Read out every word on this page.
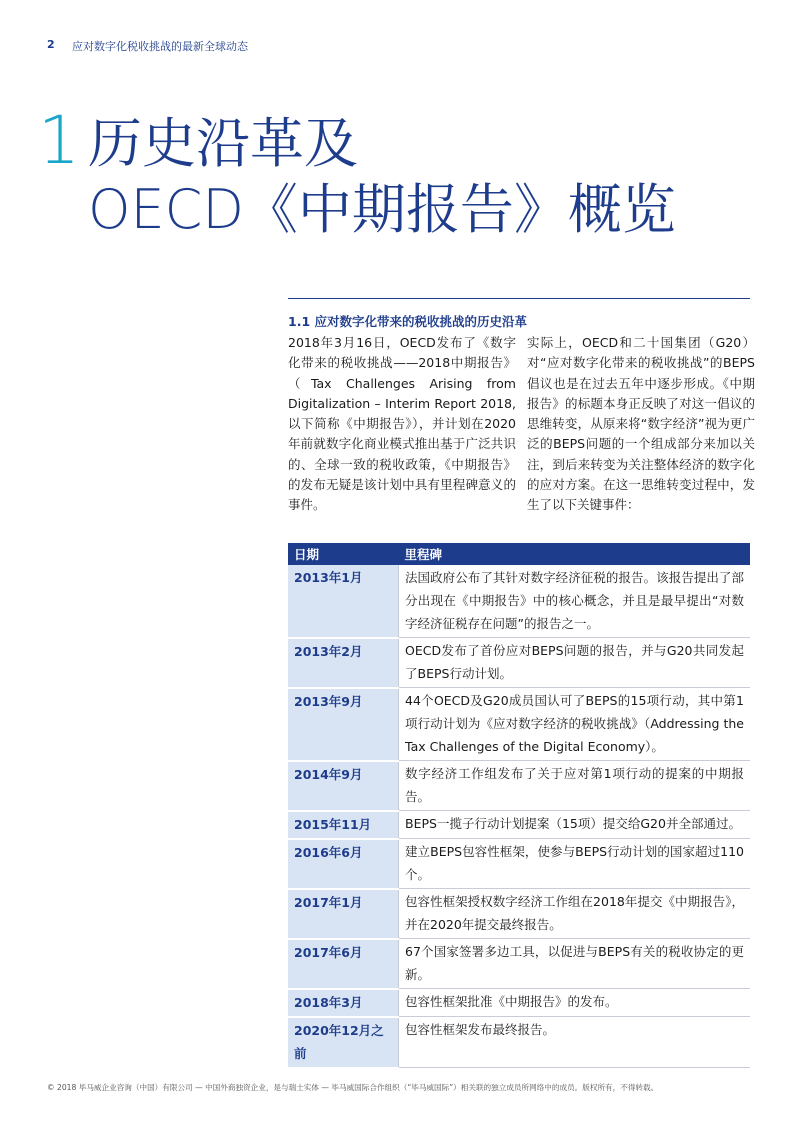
2 应对数字化税收挑战的最新全球动态
1 历史沿革及
OECD《中期报告》概览
1.1 应对数字化带来的税收挑战的历史沿革
2018年3月16日，OECD发布了《数字化带来的税收挑战——2018中期报告》（Tax Challenges Arising from Digitalization – Interim Report 2018, 以下简称《中期报告》），并计划在2020年前就数字化商业模式推出基于广泛共识的、全球一致的税收政策，《中期报告》的发布无疑是该计划中具有里程碑意义的事件。
实际上，OECD和二十国集团（G20）对“应对数字化带来的税收挑战”的BEPS倡议也是在过去五年中逐步形成。《中期报告》的标题本身正反映了对这一倡议的思维转变，从原来将“数字经济”视为更广泛的BEPS问题的一个组成部分来加以关注，到后来转变为关注整体经济的数字化的应对方案。在这一思维转变过程中，发生了以下关键事件：
日期	里程碑
2013年1月	法国政府公布了其针对数字经济征税的报告。该报告提出了部分出现在《中期报告》中的核心概念，并且是最早提出“对数字经济征税存在问题”的报告之一。
2013年2月	OECD发布了首份应对BEPS问题的报告，并与G20共同发起了BEPS行动计划。
2013年9月	44个OECD及G20成员国认可了BEPS的15项行动，其中第1项行动计划为《应对数字经济的税收挑战》（Addressing the Tax Challenges of the Digital Economy）。
2014年9月	数字经济工作组发布了关于应对第1项行动的提案的中期报告。
2015年11月	BEPS一揽子行动计划提案（15项）提交给G20并全部通过。
2016年6月	建立BEPS包容性框架，使参与BEPS行动计划的国家超过110个。
2017年1月	包容性框架授权数字经济工作组在2018年提交《中期报告》，并在2020年提交最终报告。
2017年6月	67个国家签署多边工具，以促进与BEPS有关的税收协定的更新。
2018年3月	包容性框架批准《中期报告》的发布。
2020年12月之前	包容性框架发布最终报告。
© 2018 毕马威企业咨询（中国）有限公司 — 中国外商独资企业，是与瑞士实体 — 毕马威国际合作组织（“毕马威国际”）相关联的独立成员所网络中的成员。版权所有，不得转载。
